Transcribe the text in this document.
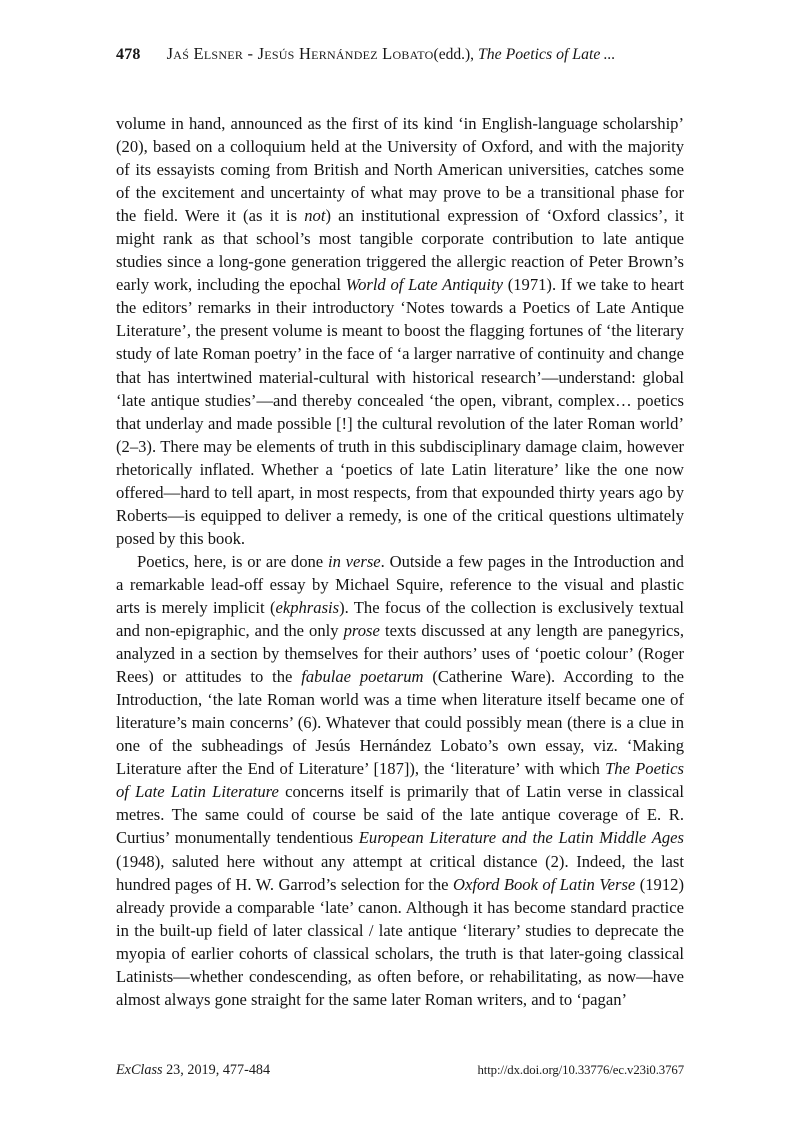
478 Jaś Elsner - Jesús Hernández Lobato (edd.), The Poetics of Late ...

volume in hand, announced as the first of its kind ‘in English-language scholarship’ (20), based on a colloquium held at the University of Oxford, and with the majority of its essayists coming from British and North American universities, catches some of the excitement and uncertainty of what may prove to be a transitional phase for the field. Were it (as it is not) an institutional expression of ‘Oxford classics’, it might rank as that school’s most tangible corporate contribution to late antique studies since a long-gone generation triggered the allergic reaction of Peter Brown’s early work, including the epochal World of Late Antiquity (1971). If we take to heart the editors’ remarks in their introductory ‘Notes towards a Poetics of Late Antique Literature’, the present volume is meant to boost the flagging fortunes of ‘the literary study of late Roman poetry’ in the face of ‘a larger narrative of continuity and change that has intertwined material-cultural with historical research’—understand: global ‘late antique studies’—and thereby concealed ‘the open, vibrant, complex… poetics that underlay and made possible [!] the cultural revolution of the later Roman world’ (2–3). There may be elements of truth in this subdisciplinary damage claim, however rhetorically inflated. Whether a ‘poetics of late Latin literature’ like the one now offered—hard to tell apart, in most respects, from that expounded thirty years ago by Roberts—is equipped to deliver a remedy, is one of the critical questions ultimately posed by this book.

Poetics, here, is or are done in verse. Outside a few pages in the Introduction and a remarkable lead-off essay by Michael Squire, reference to the visual and plastic arts is merely implicit (ekphrasis). The focus of the collection is exclusively textual and non-epigraphic, and the only prose texts discussed at any length are panegyrics, analyzed in a section by themselves for their authors’ uses of ‘poetic colour’ (Roger Rees) or attitudes to the fabulae poetarum (Catherine Ware). According to the Introduction, ‘the late Roman world was a time when literature itself became one of literature’s main concerns’ (6). Whatever that could possibly mean (there is a clue in one of the subheadings of Jesús Hernández Lobato’s own essay, viz. ‘Making Literature after the End of Literature’ [187]), the ‘literature’ with which The Poetics of Late Latin Literature concerns itself is primarily that of Latin verse in classical metres. The same could of course be said of the late antique coverage of E. R. Curtius’ monumentally tendentious European Literature and the Latin Middle Ages (1948), saluted here without any attempt at critical distance (2). Indeed, the last hundred pages of H. W. Garrod’s selection for the Oxford Book of Latin Verse (1912) already provide a comparable ‘late’ canon. Although it has become standard practice in the built-up field of later classical / late antique ‘literary’ studies to deprecate the myopia of earlier cohorts of classical scholars, the truth is that later-going classical Latinists—whether condescending, as often before, or rehabilitating, as now—have almost always gone straight for the same later Roman writers, and to ‘pagan’

ExClass 23, 2019, 477-484	http://dx.doi.org/10.33776/ec.v23i0.3767
